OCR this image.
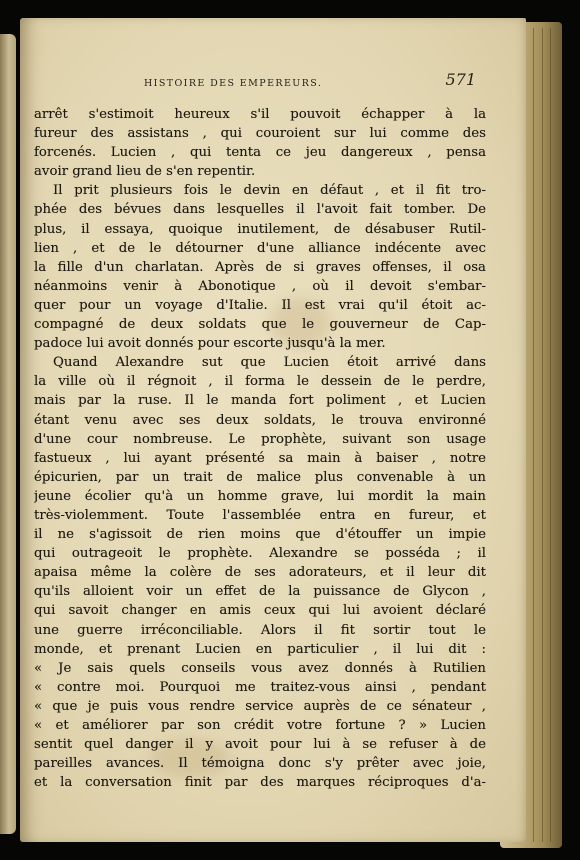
HISTOIRE DES EMPEREURS.	571
arrêt s'estimoit heureux s'il pouvoit échapper à la
fureur des assistans , qui couroient sur lui comme des
forcenés. Lucien , qui tenta ce jeu dangereux , pensa
avoir grand lieu de s'en repentir.
Il prit plusieurs fois le devin en défaut , et il fit tro-
phée des bévues dans lesquelles il l'avoit fait tomber. De
plus, il essaya, quoique inutilement, de désabuser Rutil-
lien , et de le détourner d'une alliance indécente avec
la fille d'un charlatan. Après de si graves offenses, il osa
néanmoins venir à Abonotique , où il devoit s'embar-
quer pour un voyage d'Italie. Il est vrai qu'il étoit ac-
compagné de deux soldats que le gouverneur de Cap-
padoce lui avoit donnés pour escorte jusqu'à la mer.
Quand Alexandre sut que Lucien étoit arrivé dans
la ville où il régnoit , il forma le dessein de le perdre,
mais par la ruse. Il le manda fort poliment , et Lucien
étant venu avec ses deux soldats, le trouva environné
d'une cour nombreuse. Le prophète, suivant son usage
fastueux , lui ayant présenté sa main à baiser , notre
épicurien, par un trait de malice plus convenable à un
jeune écolier qu'à un homme grave, lui mordit la main
très-violemment. Toute l'assemblée entra en fureur, et
il ne s'agissoit de rien moins que d'étouffer un impie
qui outrageoit le prophète. Alexandre se posséda ; il
apaisa même la colère de ses adorateurs, et il leur dit
qu'ils alloient voir un effet de la puissance de Glycon ,
qui savoit changer en amis ceux qui lui avoient déclaré
une guerre irréconciliable. Alors il fit sortir tout le
monde, et prenant Lucien en particulier , il lui dit :
« Je sais quels conseils vous avez donnés à Rutilien
« contre moi. Pourquoi me traitez-vous ainsi , pendant
« que je puis vous rendre service auprès de ce sénateur ,
« et améliorer par son crédit votre fortune ? » Lucien
sentit quel danger il y avoit pour lui à se refuser à de
pareilles avances. Il témoigna donc s'y prêter avec joie,
et la conversation finit par des marques réciproques d'a-
